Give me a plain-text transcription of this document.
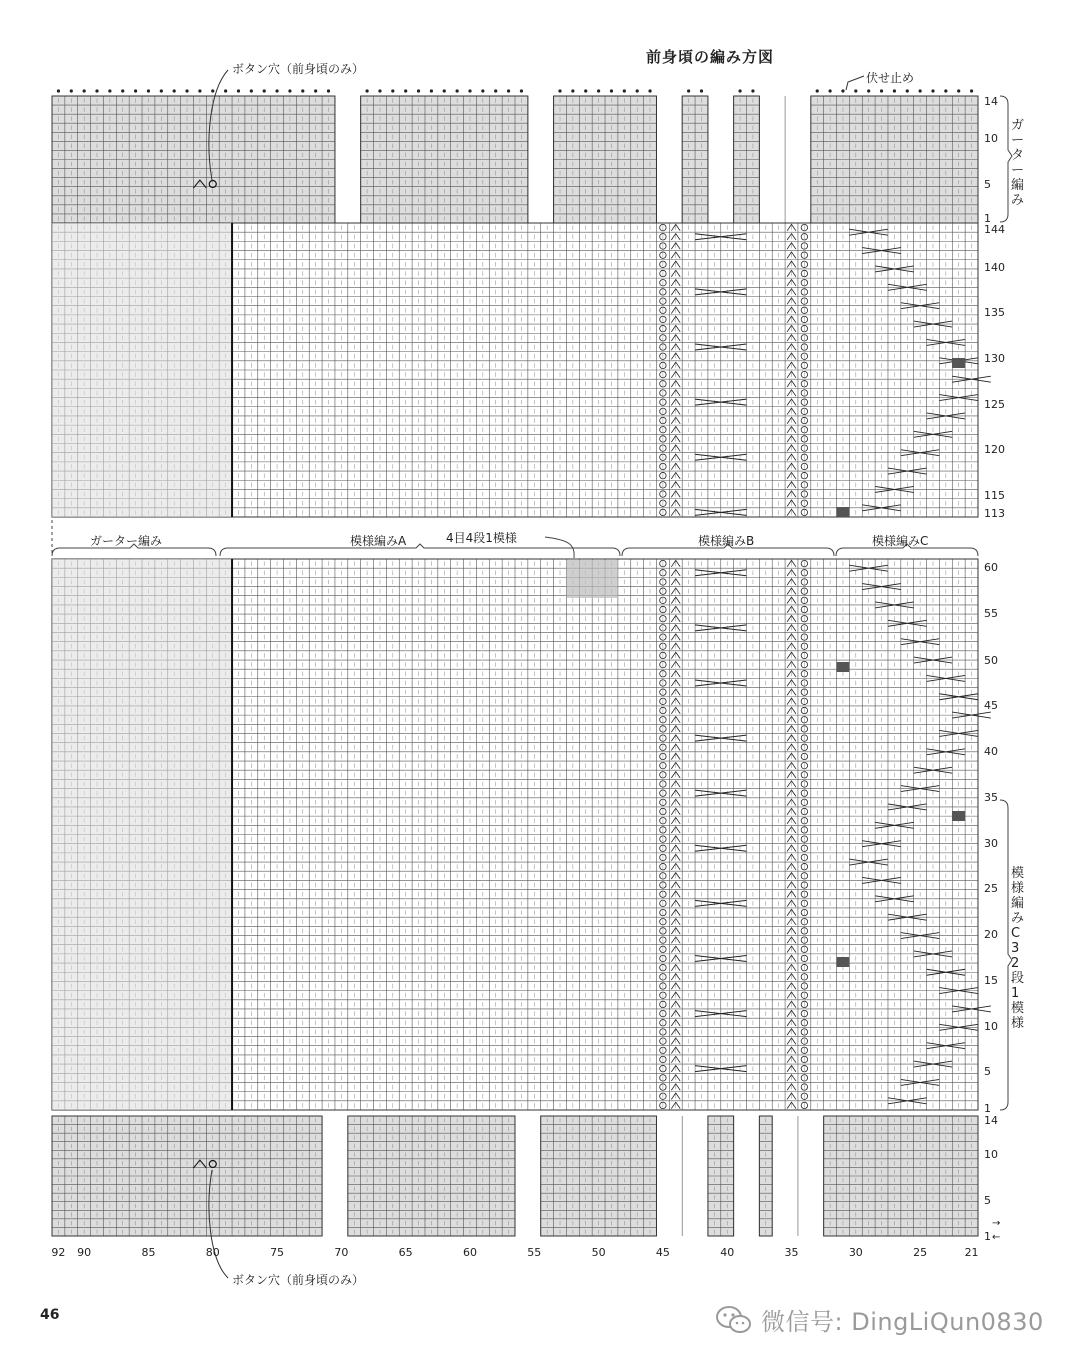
14
10
5
1
144
140
135
130
125
120
115
113
60
55
50
45
40
35
30
25
20
15
10
5
1
14
10
5
1
→
←
92 90	85	80	75	70	65	60	55	50	45	40	35	30	25	21
前身頃の編み方図
ボタン穴（前身頃のみ）
ボタン穴（前身頃のみ）
伏せ止め
4目4段1模様
ガーター編み	模様編みA	模様編みB	模様編みC
ガーター編み
模様編みC 32段1模様
46	微信号: DingLiQun0830
